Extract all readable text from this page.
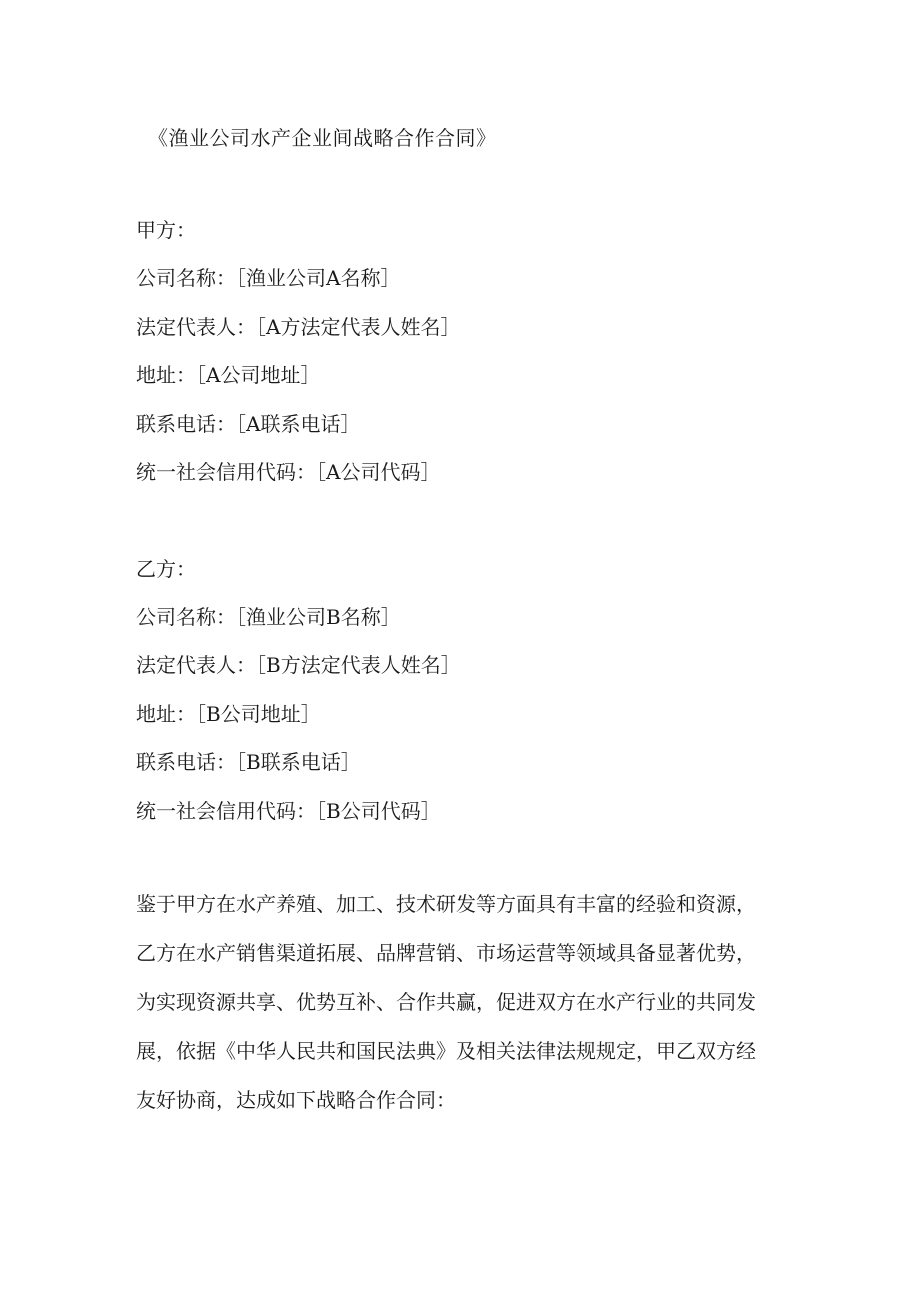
《渔业公司水产企业间战略合作合同》
甲方：
公司名称：［渔业公司A名称］
法定代表人：［A方法定代表人姓名］
地址：［A公司地址］
联系电话：［A联系电话］
统一社会信用代码：［A公司代码］
乙方：
公司名称：［渔业公司B名称］
法定代表人：［B方法定代表人姓名］
地址：［B公司地址］
联系电话：［B联系电话］
统一社会信用代码：［B公司代码］
鉴于甲方在水产养殖、加工、技术研发等方面具有丰富的经验和资源，
乙方在水产销售渠道拓展、品牌营销、市场运营等领域具备显著优势，
为实现资源共享、优势互补、合作共赢，促进双方在水产行业的共同发
展，依据《中华人民共和国民法典》及相关法律法规规定，甲乙双方经
友好协商，达成如下战略合作合同：
